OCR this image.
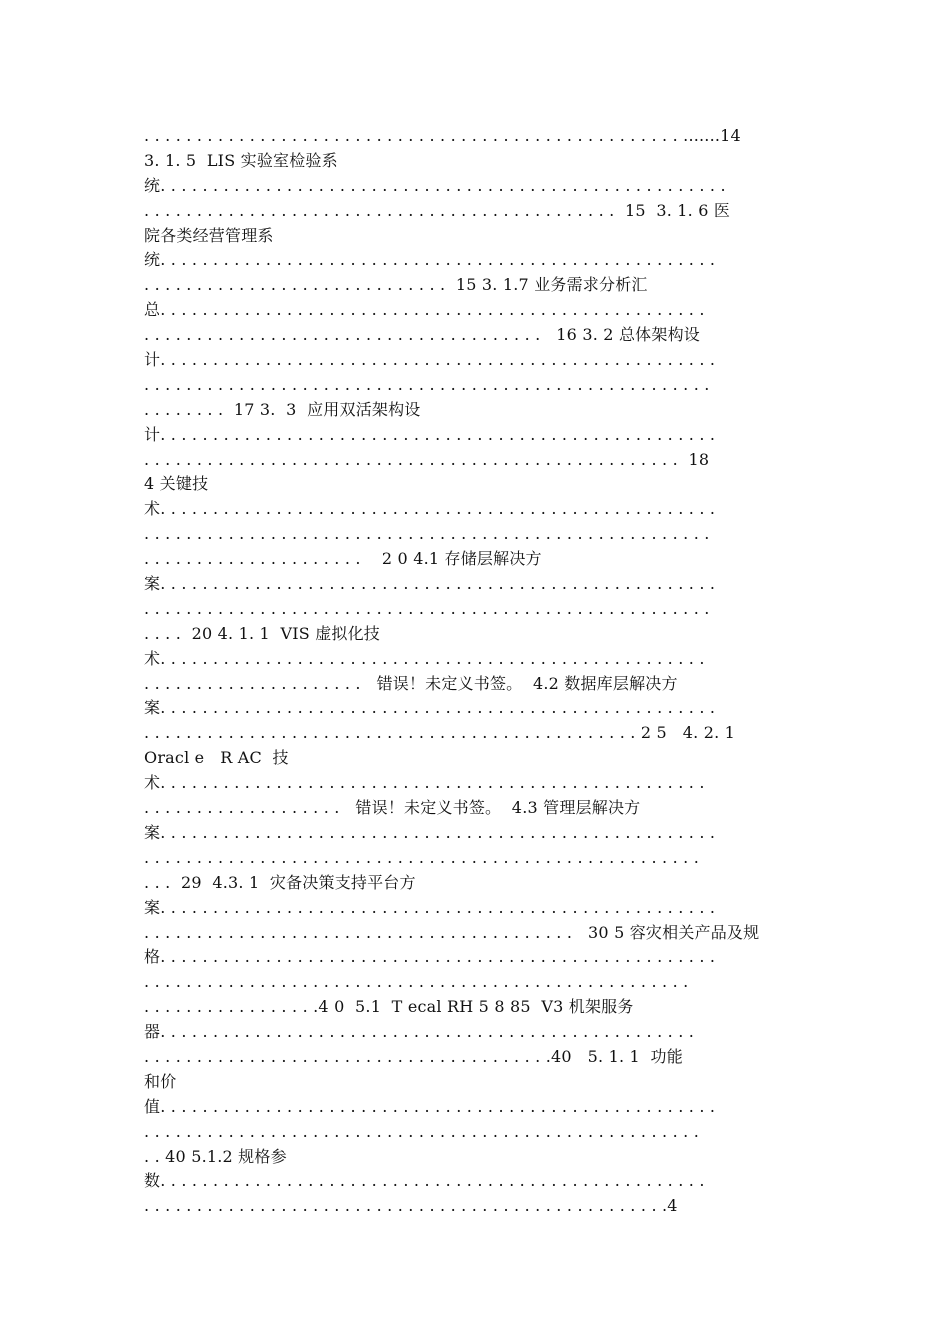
. . . . . . . . . . . . . . . . . . . . . . . . . . . . . . . . . . . . . . . . . . . . . . . . . . . .......14
3. 1. 5  LIS 实验室检验系
统. . . . . . . . . . . . . . . . . . . . . . . . . . . . . . . . . . . . . . . . . . . . . . . . . . . . . .
. . . . . . . . . . . . . . . . . . . . . . . . . . . . . . . . . . . . . . . . . . . . .  15  3. 1. 6 医
院各类经营管理系
统. . . . . . . . . . . . . . . . . . . . . . . . . . . . . . . . . . . . . . . . . . . . . . . . . . . . .
. . . . . . . . . . . . . . . . . . . . . . . . . . . . .  15 3. 1.7 业务需求分析汇
总. . . . . . . . . . . . . . . . . . . . . . . . . . . . . . . . . . . . . . . . . . . . . . . . . . . .
. . . . . . . . . . . . . . . . . . . . . . . . . . . . . . . . . . . . . .   16 3. 2 总体架构设
计. . . . . . . . . . . . . . . . . . . . . . . . . . . . . . . . . . . . . . . . . . . . . . . . . . . . .
. . . . . . . . . . . . . . . . . . . . . . . . . . . . . . . . . . . . . . . . . . . . . . . . . . . . . .
. . . . . . . .  17 3.  3  应用双活架构设
计. . . . . . . . . . . . . . . . . . . . . . . . . . . . . . . . . . . . . . . . . . . . . . . . . . . . .
. . . . . . . . . . . . . . . . . . . . . . . . . . . . . . . . . . . . . . . . . . . . . . . . . . .  18
4 关键技
术. . . . . . . . . . . . . . . . . . . . . . . . . . . . . . . . . . . . . . . . . . . . . . . . . . . . .
. . . . . . . . . . . . . . . . . . . . . . . . . . . . . . . . . . . . . . . . . . . . . . . . . . . . . .
. . . . . . . . . . . . . . . . . . . . .    2 0 4.1 存储层解决方
案. . . . . . . . . . . . . . . . . . . . . . . . . . . . . . . . . . . . . . . . . . . . . . . . . . . . .
. . . . . . . . . . . . . . . . . . . . . . . . . . . . . . . . . . . . . . . . . . . . . . . . . . . . . .
. . . .  20 4. 1. 1  VIS 虚拟化技
术. . . . . . . . . . . . . . . . . . . . . . . . . . . . . . . . . . . . . . . . . . . . . . . . . . . .
. . . . . . . . . . . . . . . . . . . . .   错误！未定义书签。  4.2 数据库层解决方
案. . . . . . . . . . . . . . . . . . . . . . . . . . . . . . . . . . . . . . . . . . . . . . . . . . . . .
. . . . . . . . . . . . . . . . . . . . . . . . . . . . . . . . . . . . . . . . . . . . . . . 2 5   4. 2. 1
Oracl e   R AC  技
术. . . . . . . . . . . . . . . . . . . . . . . . . . . . . . . . . . . . . . . . . . . . . . . . . . . .
. . . . . . . . . . . . . . . . . . .   错误！未定义书签。  4.3 管理层解决方
案. . . . . . . . . . . . . . . . . . . . . . . . . . . . . . . . . . . . . . . . . . . . . . . . . . . . .
. . . . . . . . . . . . . . . . . . . . . . . . . . . . . . . . . . . . . . . . . . . . . . . . . . . . .
. . .  29  4.3. 1  灾备决策支持平台方
案. . . . . . . . . . . . . . . . . . . . . . . . . . . . . . . . . . . . . . . . . . . . . . . . . . . . .
. . . . . . . . . . . . . . . . . . . . . . . . . . . . . . . . . . . . . . . . .   30 5 容灾相关产品及规
格. . . . . . . . . . . . . . . . . . . . . . . . . . . . . . . . . . . . . . . . . . . . . . . . . . . . .
. . . . . . . . . . . . . . . . . . . . . . . . . . . . . . . . . . . . . . . . . . . . . . . . . . . .
. . . . . . . . . . . . . . . . .4 0  5.1  T ecal RH 5 8 85  V3 机架服务
器. . . . . . . . . . . . . . . . . . . . . . . . . . . . . . . . . . . . . . . . . . . . . . . . . . .
. . . . . . . . . . . . . . . . . . . . . . . . . . . . . . . . . . . . . . .40   5. 1. 1  功能
和价
值. . . . . . . . . . . . . . . . . . . . . . . . . . . . . . . . . . . . . . . . . . . . . . . . . . . . .
. . . . . . . . . . . . . . . . . . . . . . . . . . . . . . . . . . . . . . . . . . . . . . . . . . . . .
. . 40 5.1.2 规格参
数. . . . . . . . . . . . . . . . . . . . . . . . . . . . . . . . . . . . . . . . . . . . . . . . . . . .
. . . . . . . . . . . . . . . . . . . . . . . . . . . . . . . . . . . . . . . . . . . . . . . . . .4
